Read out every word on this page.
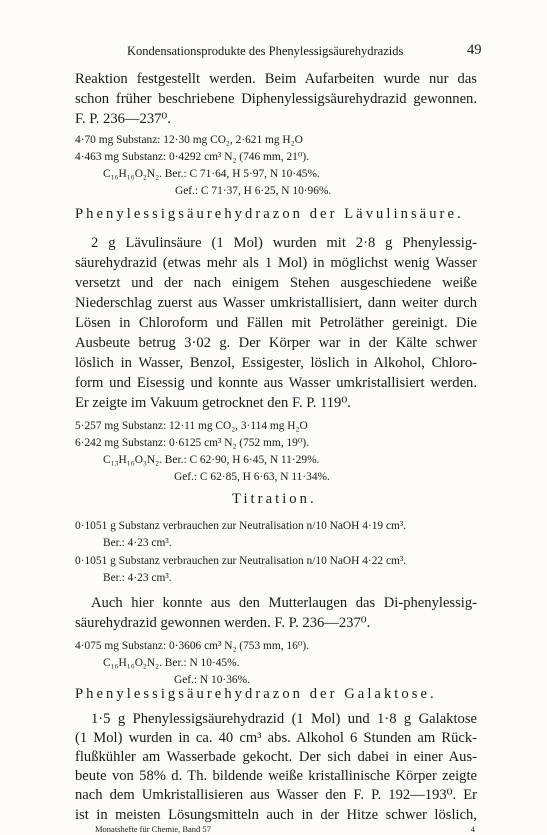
Kondensationsprodukte des Phenylessigsäurehydrazids	49
Reaktion festgestellt werden. Beim Aufarbeiten wurde nur das
schon früher beschriebene Diphenylessigsäurehydrazid gewonnen.
F. P. 236—237⁰.
4·70 mg Substanz: 12·30 mg CO₂, 2·621 mg H₂O
4·463 mg Substanz: 0·4292 cm³ N₂ (746 mm, 21⁰).
C₁₆H₁₆O₂N₂. Ber.: C 71·64, H 5·97, N 10·45%.
Gef.: C 71·37, H 6·25, N 10·96%.
Phenylessigsäurehydrazon der Lävulinsäure.
2 g Lävulinsäure (1 Mol) wurden mit 2·8 g Phenylessig-
säurehydrazid (etwas mehr als 1 Mol) in möglichst wenig Wasser
versetzt und der nach einigem Stehen ausgeschiedene weiße
Niederschlag zuerst aus Wasser umkristallisiert, dann weiter durch
Lösen in Chloroform und Fällen mit Petroläther gereinigt. Die
Ausbeute betrug 3·02 g. Der Körper war in der Kälte schwer
löslich in Wasser, Benzol, Essigester, löslich in Alkohol, Chloro-
form und Eisessig und konnte aus Wasser umkristallisiert werden.
Er zeigte im Vakuum getrocknet den F. P. 119⁰.
5·257 mg Substanz: 12·11 mg CO₂, 3·114 mg H₂O
6·242 mg Substanz: 0·6125 cm³ N₂ (752 mm, 19⁰).
C₁₃H₁₆O₃N₂. Ber.: C 62·90, H 6·45, N 11·29%.
Gef.: C 62·85, H 6·63, N 11·34%.
Titration.
0·1051 g Substanz verbrauchen zur Neutralisation n/10 NaOH 4·19 cm³.
Ber.: 4·23 cm³.
0·1051 g Substanz verbrauchen zur Neutralisation n/10 NaOH 4·22 cm³.
Ber.: 4·23 cm³.
Auch hier konnte aus den Mutterlaugen das Di-phenylessig-
säurehydrazid gewonnen werden. F. P. 236—237⁰.
4·075 mg Substanz: 0·3606 cm³ N₂ (753 mm, 16⁰).
C₁₆H₁₆O₂N₂. Ber.: N 10·45%.
Gef.: N 10·36%.
Phenylessigsäurehydrazon der Galaktose.
1·5 g Phenylessigsäurehydrazid (1 Mol) und 1·8 g Galaktose
(1 Mol) wurden in ca. 40 cm³ abs. Alkohol 6 Stunden am Rück-
flußkühler am Wasserbade gekocht. Der sich dabei in einer Aus-
beute von 58% d. Th. bildende weiße kristallinische Körper zeigte
nach dem Umkristallisieren aus Wasser den F. P. 192—193⁰. Er
ist in meisten Lösungsmitteln auch in der Hitze schwer löslich,
Monatshefte für Chemie, Band 57	4
